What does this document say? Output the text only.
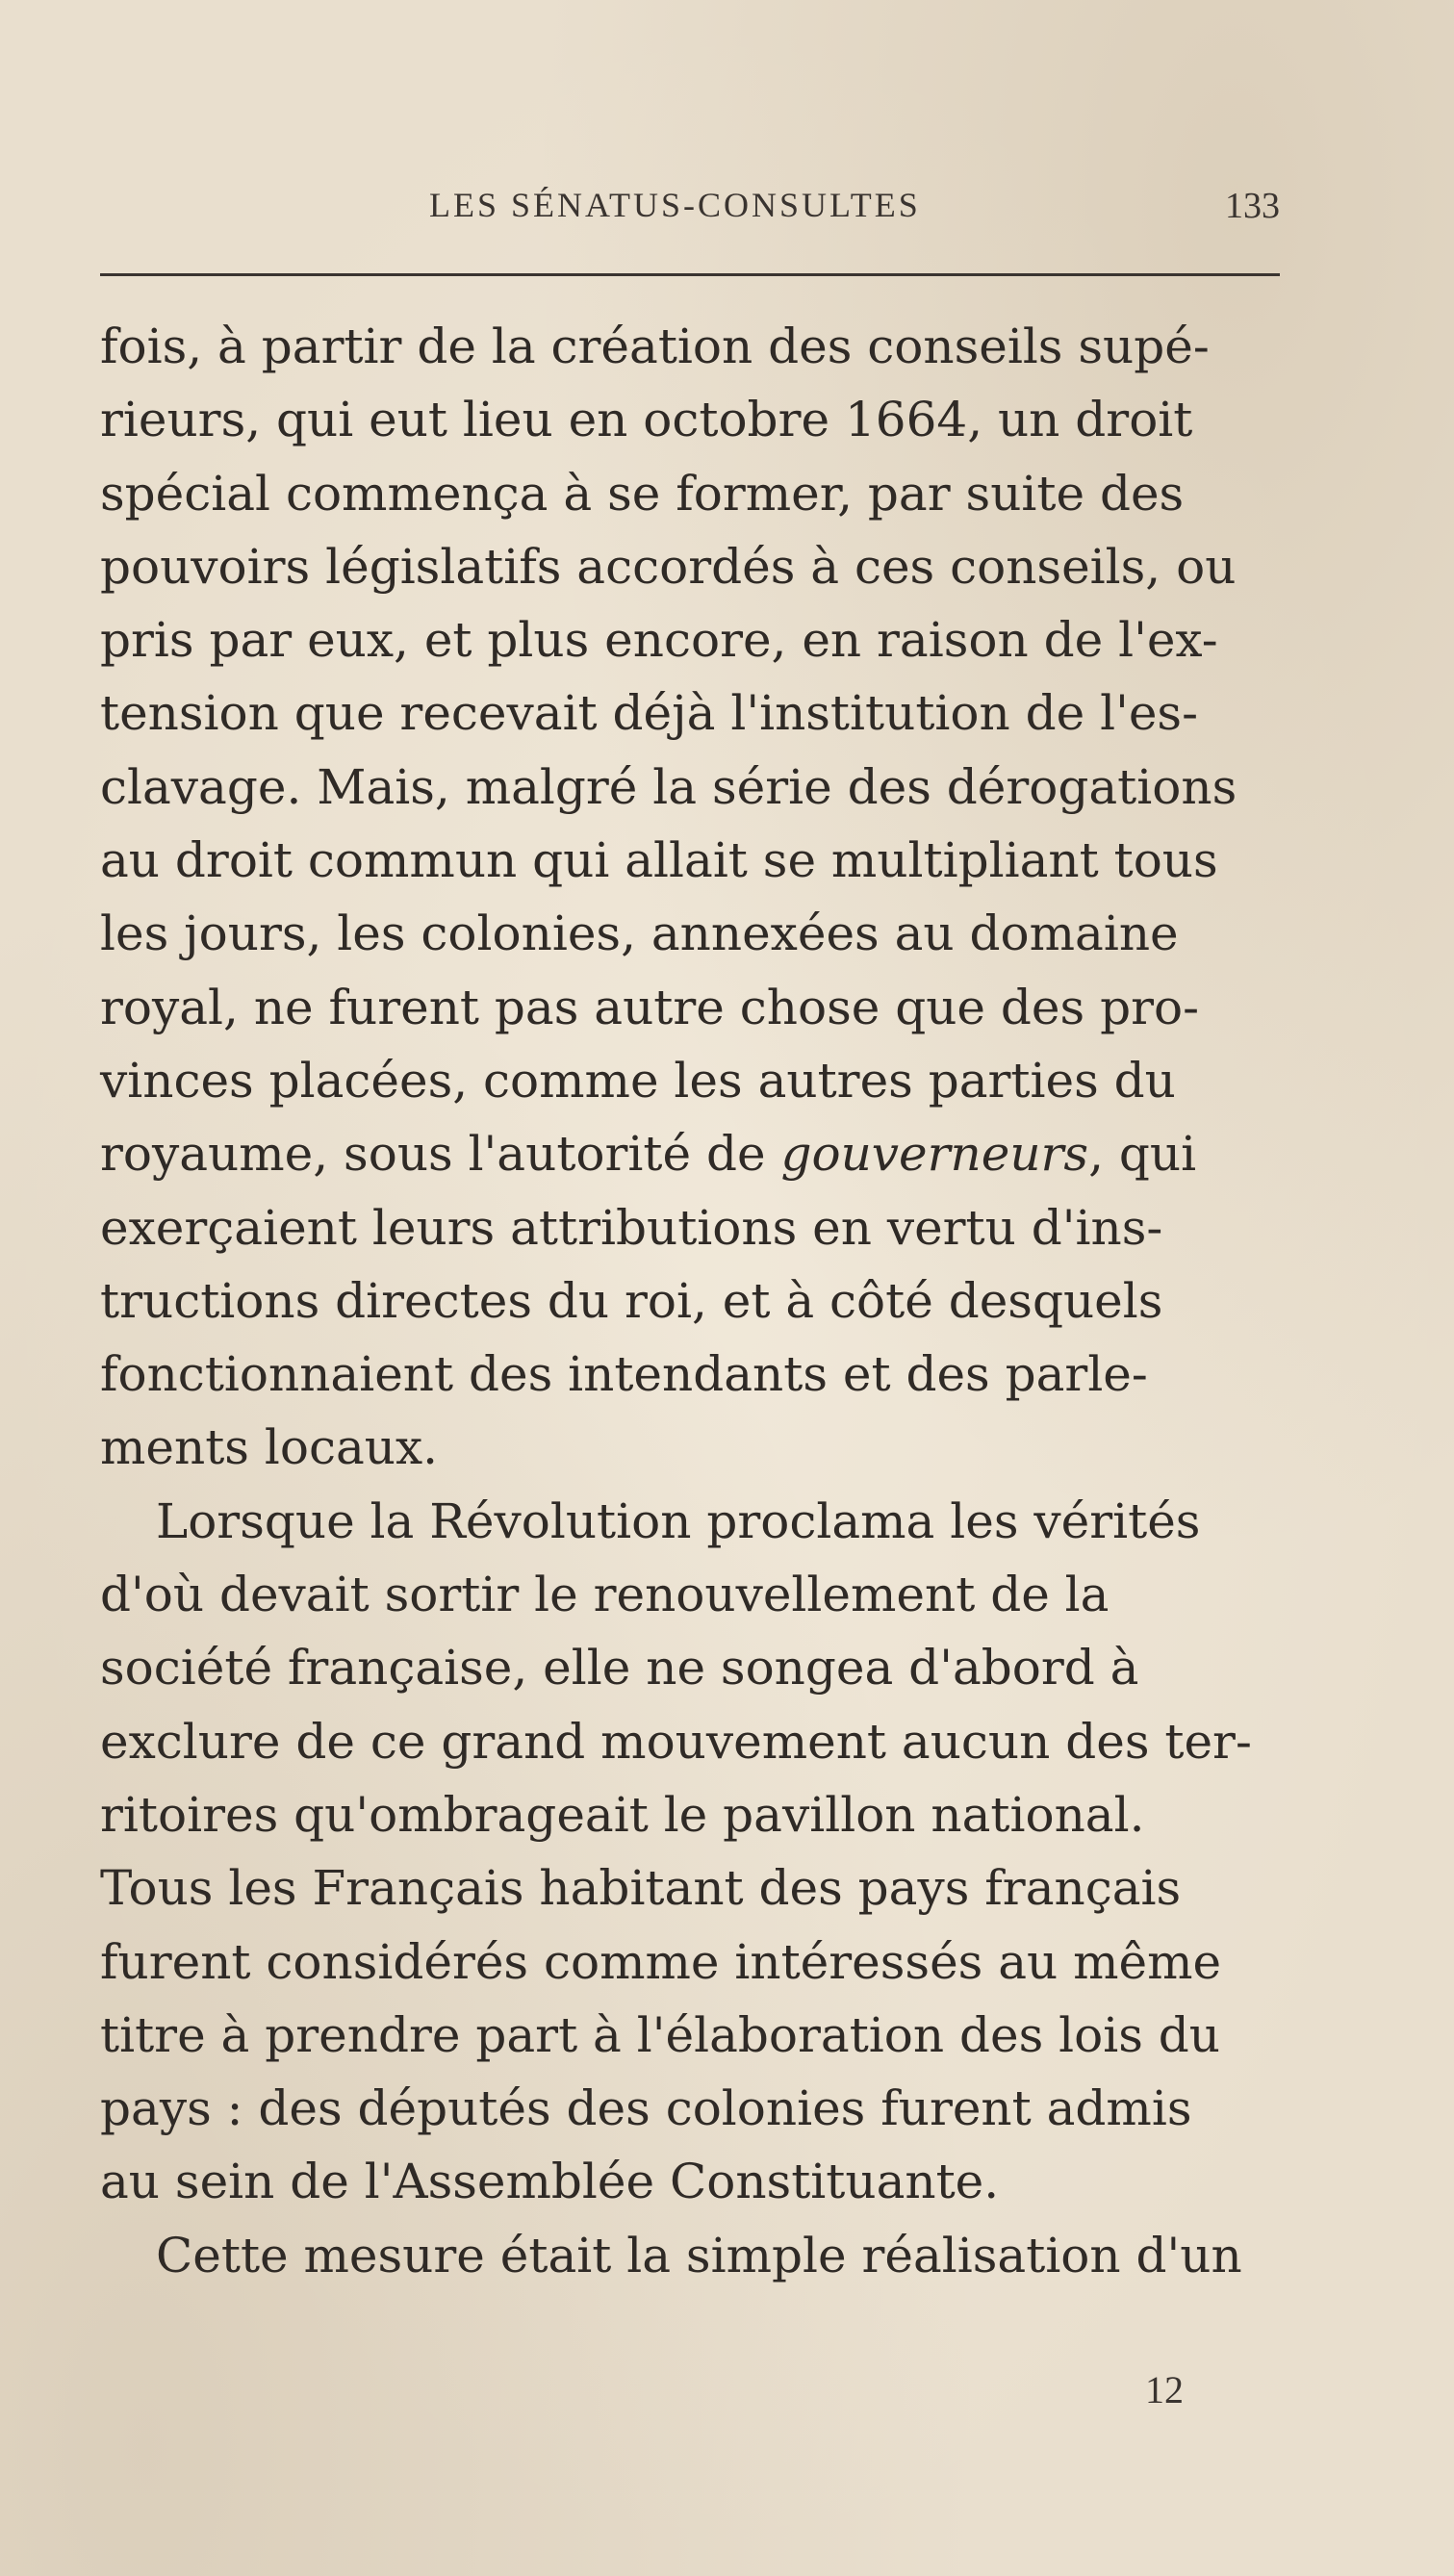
LES SÉNATUS-CONSULTES	133
fois, à partir de la création des conseils supé-
rieurs, qui eut lieu en octobre 1664, un droit
spécial commença à se former, par suite des
pouvoirs législatifs accordés à ces conseils, ou
pris par eux, et plus encore, en raison de l'ex-
tension que recevait déjà l'institution de l'es-
clavage. Mais, malgré la série des dérogations
au droit commun qui allait se multipliant tous
les jours, les colonies, annexées au domaine
royal, ne furent pas autre chose que des pro-
vinces placées, comme les autres parties du
royaume, sous l'autorité de gouverneurs, qui
exerçaient leurs attributions en vertu d'ins-
tructions directes du roi, et à côté desquels
fonctionnaient des intendants et des parle-
ments locaux.
Lorsque la Révolution proclama les vérités
d'où devait sortir le renouvellement de la
société française, elle ne songea d'abord à
exclure de ce grand mouvement aucun des ter-
ritoires qu'ombrageait le pavillon national.
Tous les Français habitant des pays français
furent considérés comme intéressés au même
titre à prendre part à l'élaboration des lois du
pays : des députés des colonies furent admis
au sein de l'Assemblée Constituante.
Cette mesure était la simple réalisation d'un
12
